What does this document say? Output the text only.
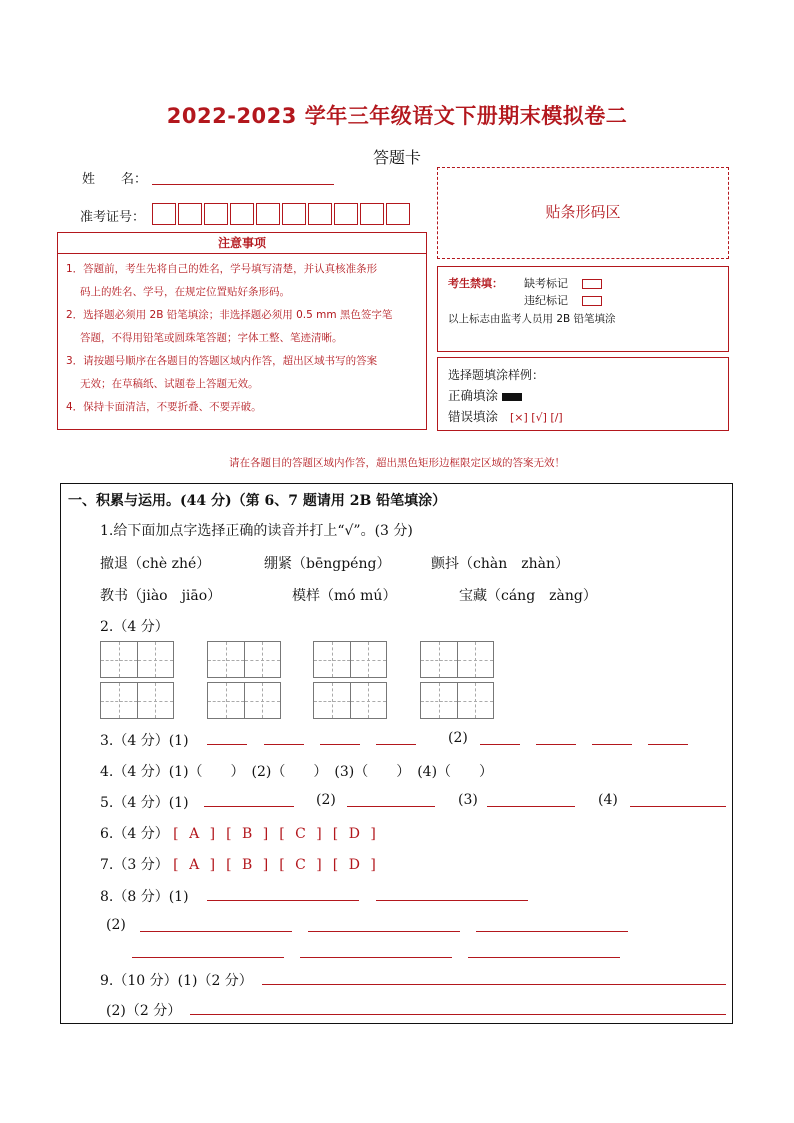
2022-2023 学年三年级语文下册期末模拟卷二
答题卡
姓　　名：
准考证号：	贴条形码区
注意事项

1．答题前，考生先将自己的姓名，学号填写清楚，并认真核准条形

码上的姓名、学号，在规定位置贴好条形码。

2．选择题必须用 2B 铅笔填涂；非选择题必须用 0.5 mm 黑色签字笔

答题，不得用铅笔或圆珠笔答题；字体工整、笔迹清晰。

3．请按题号顺序在各题目的答题区域内作答，超出区域书写的答案

无效；在草稿纸、试题卷上答题无效。

4．保持卡面清洁，不要折叠、不要弄破。

考生禁填： 缺考标记
违纪标记
以上标志由监考人员用 2B 铅笔填涂
选择题填涂样例：
正确填涂
错误填涂 [×] [√] [/]
请在各题目的答题区域内作答，超出黑色矩形边框限定区域的答案无效！
一、积累与运用。(44 分)（第 6、7 题请用 2B 铅笔填涂）
1.给下面加点字选择正确的读音并打上“√”。(3 分)
撤退（chè zhé）	绷紧（bēngpéng）	颤抖（chàn　zhàn）
教书（jiào　jiāo）	模样（mó mú）	宝藏（cáng　zàng）
2.（4 分）
3.（4 分）(1)	(2)
4.（4 分）(1)（　　）　(2)（　　）　(3)（　　）　(4)（　　）
5.（4 分）(1)	(2)	(3)	(4)
6.（4 分） [ A ] [ B ] [ C ] [ D ]
7.（3 分） [ A ] [ B ] [ C ] [ D ]
8.（8 分）(1)
(2)
9.（10 分）(1)（2 分）
(2)（2 分）
